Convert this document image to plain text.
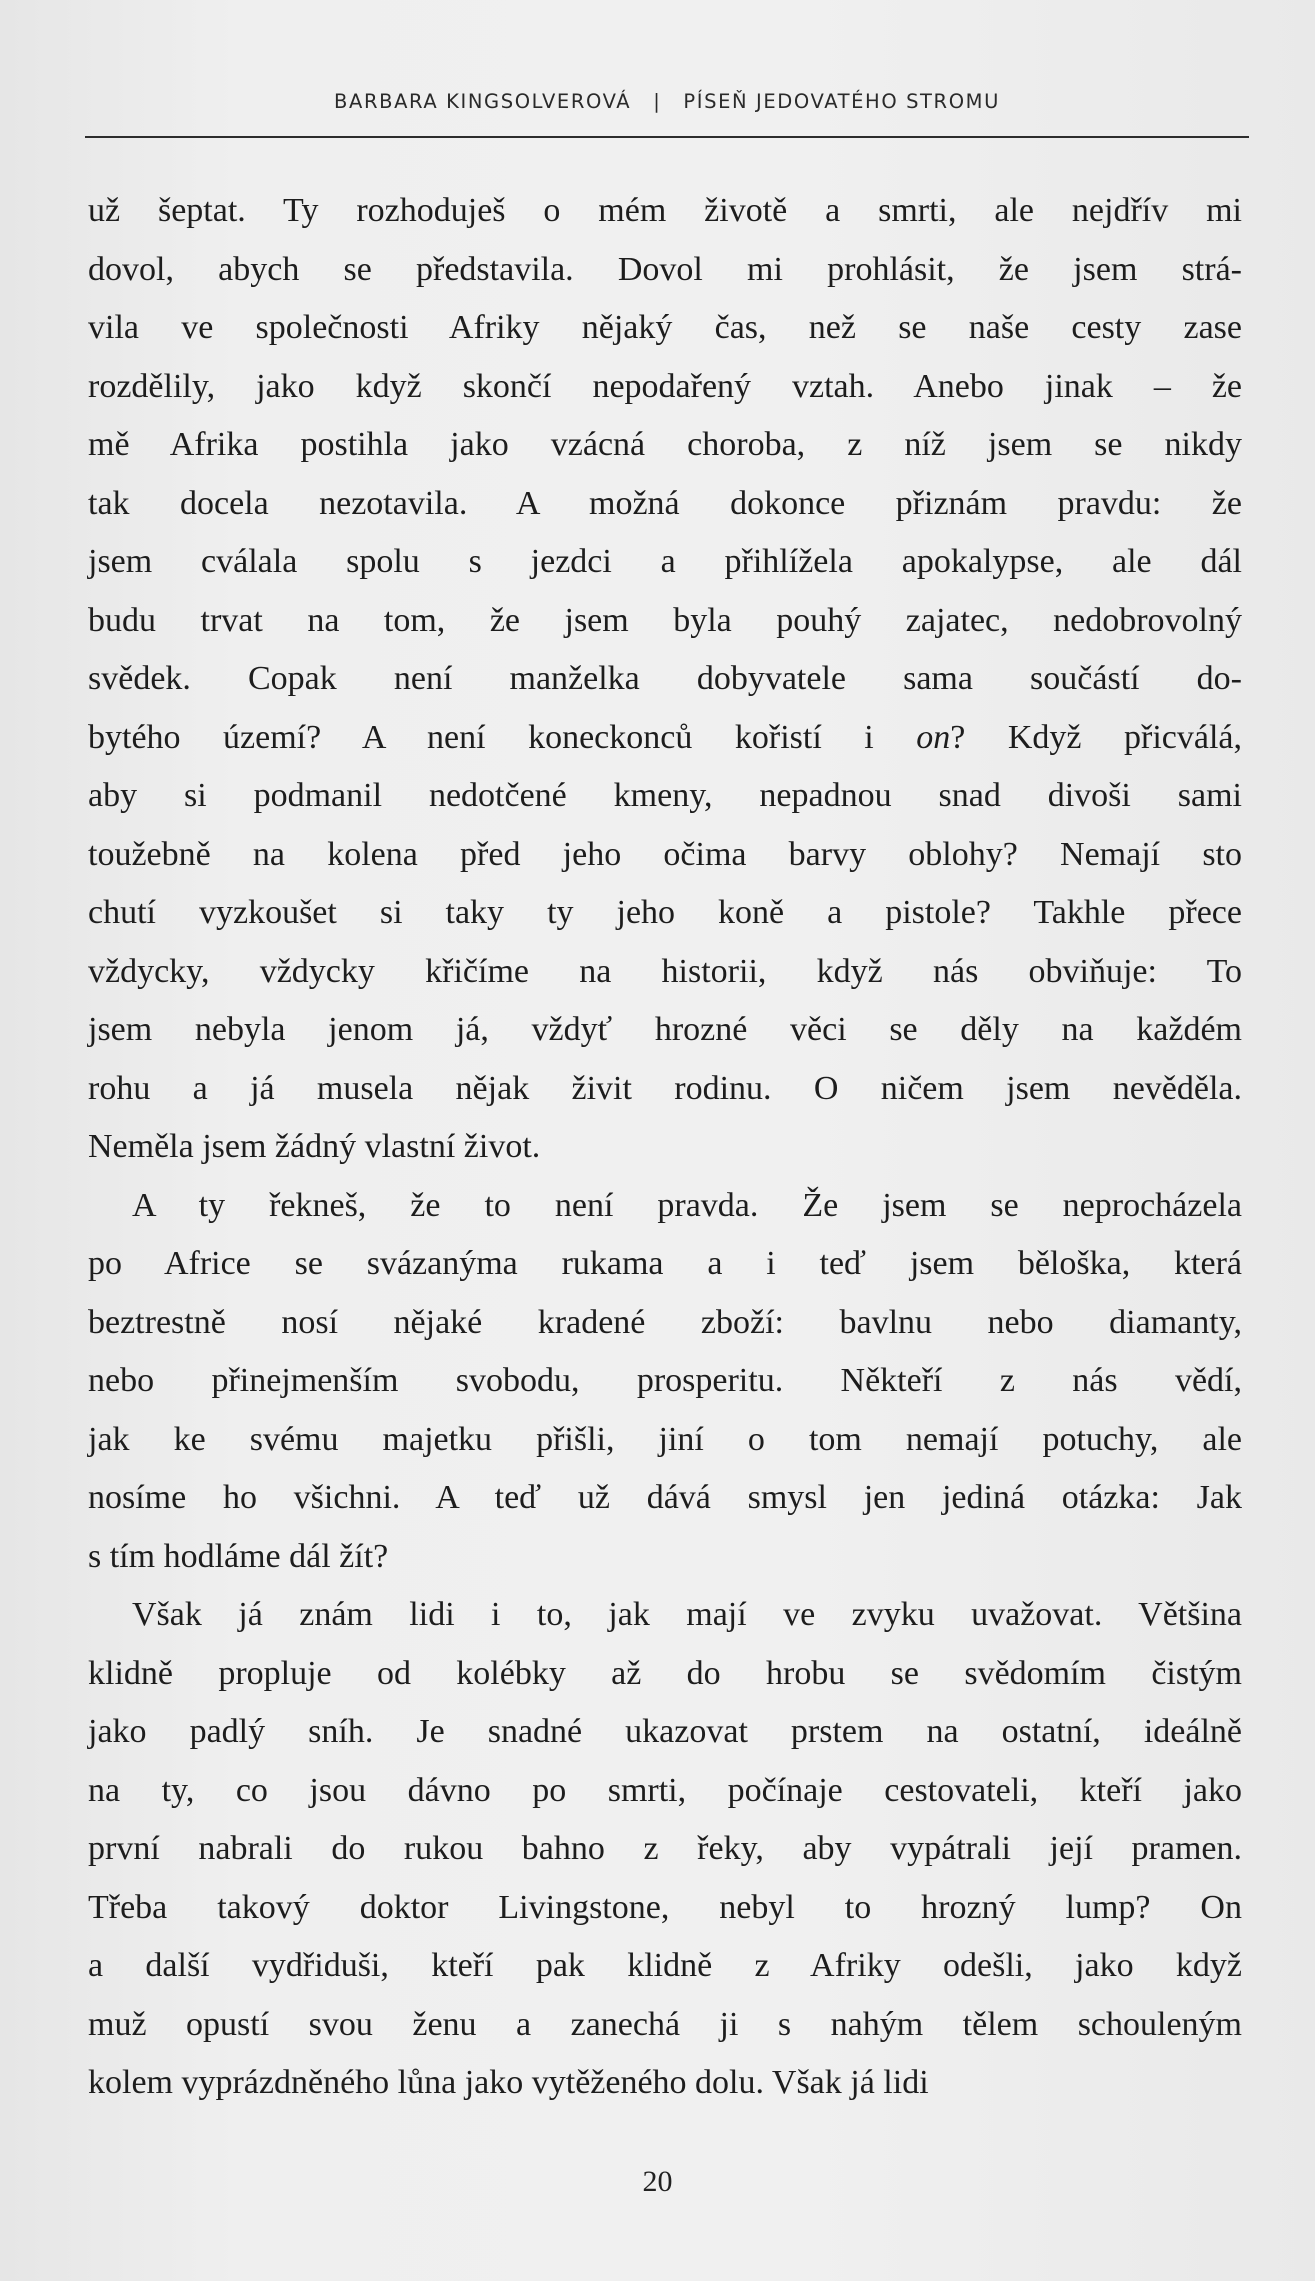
BARBARA KINGSOLVEROVÁ | PÍSEŇ JEDOVATÉHO STROMU
už šeptat. Ty rozhoduješ o mém životě a smrti, ale nejdřív mi
dovol, abych se představila. Dovol mi prohlásit, že jsem strá-
vila ve společnosti Afriky nějaký čas, než se naše cesty zase
rozdělily, jako když skončí nepodařený vztah. Anebo jinak – že
mě Afrika postihla jako vzácná choroba, z níž jsem se nikdy
tak docela nezotavila. A možná dokonce přiznám pravdu: že
jsem cválala spolu s jezdci a přihlížela apokalypse, ale dál
budu trvat na tom, že jsem byla pouhý zajatec, nedobrovolný
svědek. Copak není manželka dobyvatele sama součástí do-
bytého území? A není koneckonců kořistí i on? Když přicválá,
aby si podmanil nedotčené kmeny, nepadnou snad divoši sami
toužebně na kolena před jeho očima barvy oblohy? Nemají sto
chutí vyzkoušet si taky ty jeho koně a pistole? Takhle přece
vždycky, vždycky křičíme na historii, když nás obviňuje: To
jsem nebyla jenom já, vždyť hrozné věci se děly na každém
rohu a já musela nějak živit rodinu. O ničem jsem nevěděla.
Neměla jsem žádný vlastní život.
A ty řekneš, že to není pravda. Že jsem se neprocházela
po Africe se svázanýma rukama a i teď jsem běloška, která
beztrestně nosí nějaké kradené zboží: bavlnu nebo diamanty,
nebo přinejmenším svobodu, prosperitu. Někteří z nás vědí,
jak ke svému majetku přišli, jiní o tom nemají potuchy, ale
nosíme ho všichni. A teď už dává smysl jen jediná otázka: Jak
s tím hodláme dál žít?
Však já znám lidi i to, jak mají ve zvyku uvažovat. Většina
klidně propluje od kolébky až do hrobu se svědomím čistým
jako padlý sníh. Je snadné ukazovat prstem na ostatní, ideálně
na ty, co jsou dávno po smrti, počínaje cestovateli, kteří jako
první nabrali do rukou bahno z řeky, aby vypátrali její pramen.
Třeba takový doktor Livingstone, nebyl to hrozný lump? On
a další vydřiduši, kteří pak klidně z Afriky odešli, jako když
muž opustí svou ženu a zanechá ji s nahým tělem schouleným
kolem vyprázdněného lůna jako vytěženého dolu. Však já lidi
20
